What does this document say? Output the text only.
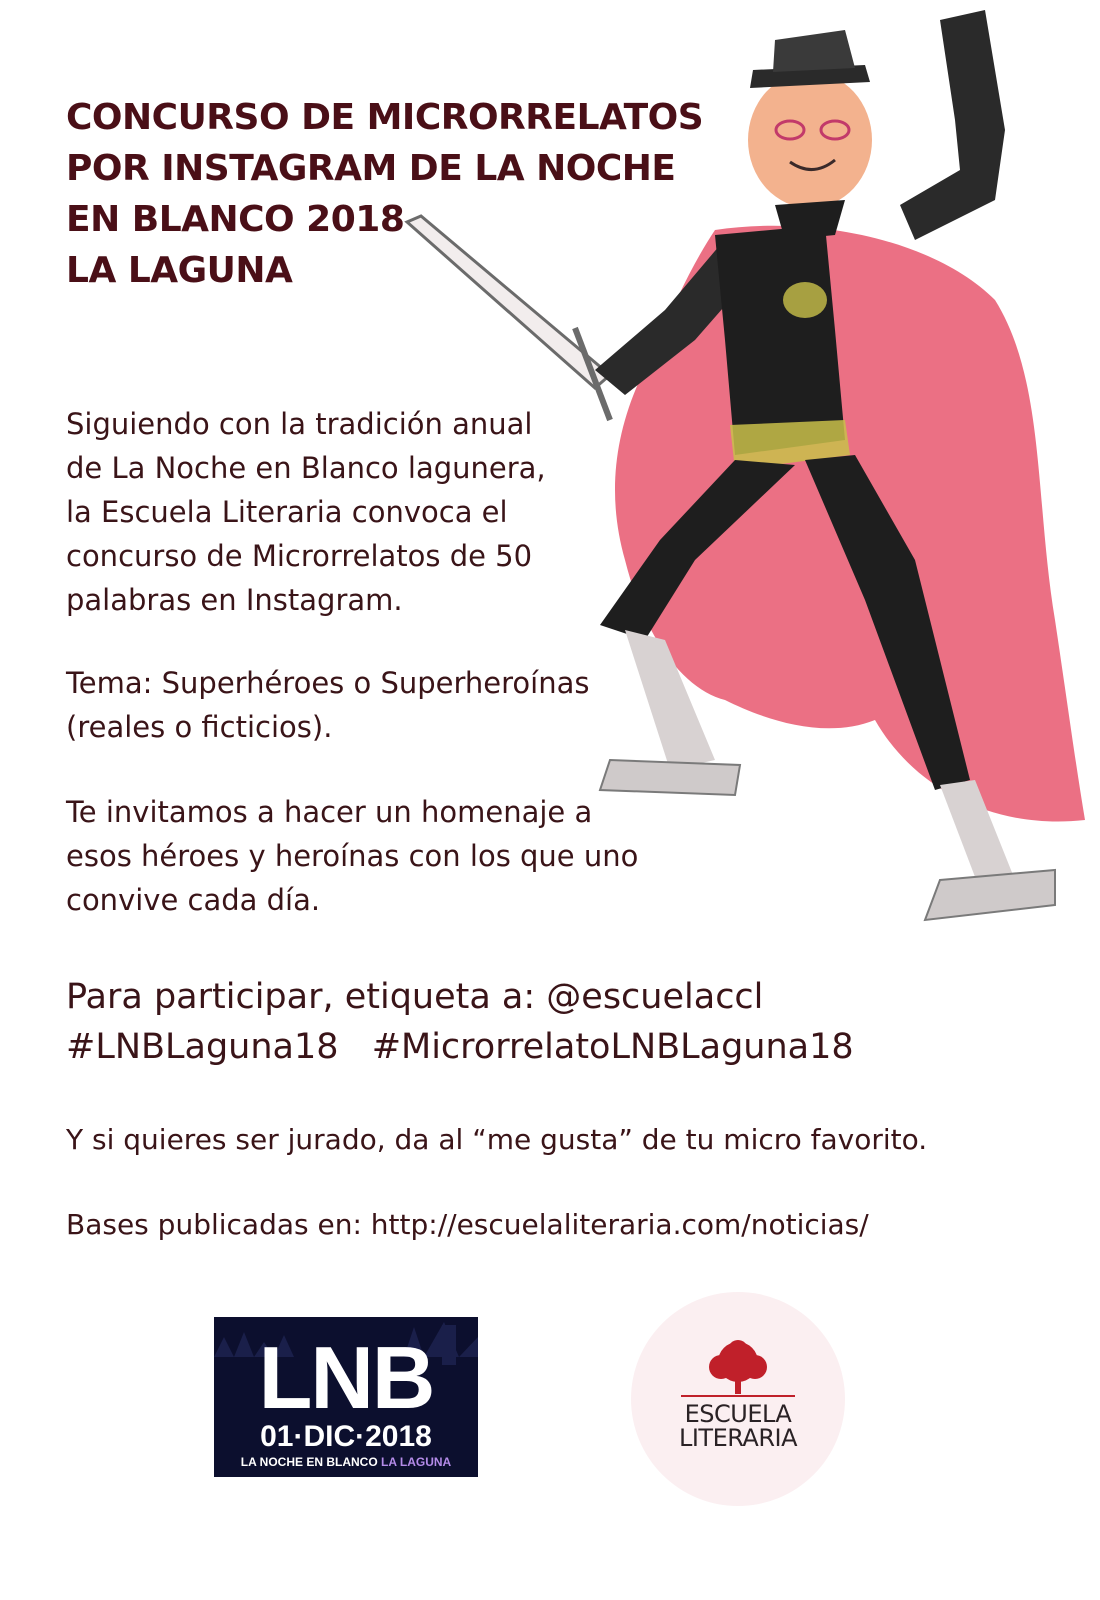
CONCURSO DE MICRORRELATOS
POR INSTAGRAM DE LA NOCHE
EN BLANCO 2018
LA LAGUNA
Siguiendo con la tradición anual
de La Noche en Blanco lagunera,
la Escuela Literaria convoca el
concurso de Microrrelatos de 50
palabras en Instagram.
Tema: Superhéroes o Superheroínas
(reales o ficticios).
Te invitamos a hacer un homenaje a
esos héroes y heroínas con los que uno
convive cada día.
Para participar, etiqueta a: @escuelaccl
#LNBLaguna18 #MicrorrelatoLNBLaguna18

Y si quieres ser jurado, da al “me gusta” de tu micro favorito.

Bases publicadas en: http://escuelaliteraria.com/noticias/

LNB
01·DIC·2018
LA NOCHE EN BLANCO LA LAGUNA
ESCUELA
LITERARIA
